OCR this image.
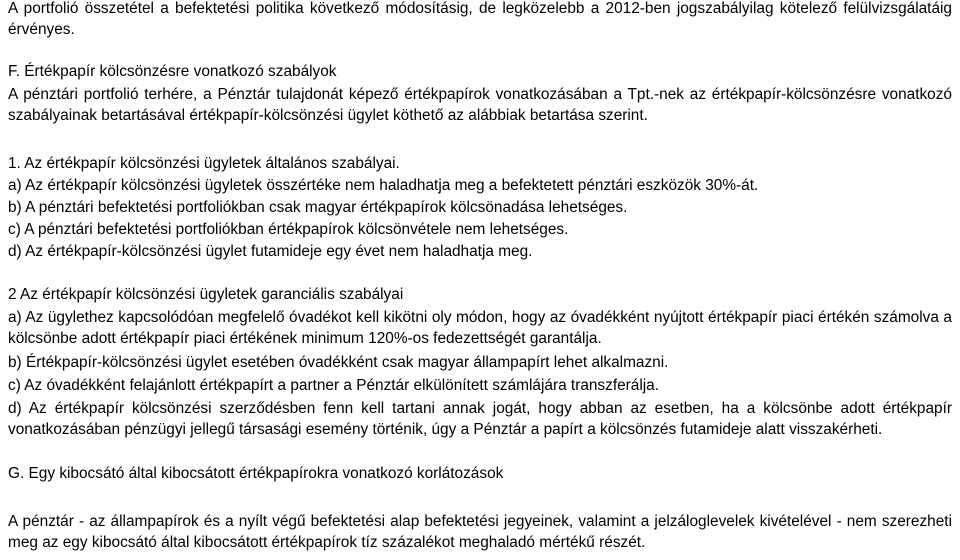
A portfolió összetétel a befektetési politika következő módosításig, de legközelebb a 2012-ben jogszabályilag kötelező felülvizsgálatáig érvényes.
F. Értékpapír kölcsönzésre vonatkozó szabályok
A pénztári portfolió terhére, a Pénztár tulajdonát képező értékpapírok vonatkozásában a Tpt.-nek az értékpapír-kölcsönzésre vonatkozó szabályainak betartásával értékpapír-kölcsönzési ügylet köthető az alábbiak betartása szerint.
1. Az értékpapír kölcsönzési ügyletek általános szabályai.
a) Az értékpapír kölcsönzési ügyletek összértéke nem haladhatja meg a befektetett pénztári eszközök 30%-át.
b) A pénztári befektetési portfoliókban csak magyar értékpapírok kölcsönadása lehetséges.
c) A pénztári befektetési portfoliókban értékpapírok kölcsönvétele nem lehetséges.
d) Az értékpapír-kölcsönzési ügylet futamideje egy évet nem haladhatja meg.
2 Az értékpapír kölcsönzési ügyletek garanciális szabályai
a) Az ügylethez kapcsolódóan megfelelő óvadékot kell kikötni oly módon, hogy az óvadékként nyújtott értékpapír piaci értékén számolva a kölcsönbe adott értékpapír piaci értékének minimum 120%-os fedezettségét garantálja.
b) Értékpapír-kölcsönzési ügylet esetében óvadékként csak magyar állampapírt lehet alkalmazni.
c) Az óvadékként felajánlott értékpapírt a partner a Pénztár elkülönített számlájára transzferálja.
d) Az értékpapír kölcsönzési szerződésben fenn kell tartani annak jogát, hogy abban az esetben, ha a kölcsönbe adott értékpapír vonatkozásában pénzügyi jellegű társasági esemény történik, úgy a Pénztár a papírt a kölcsönzés futamideje alatt visszakérheti.
G. Egy kibocsátó által kibocsátott értékpapírokra vonatkozó korlátozások
A pénztár - az állampapírok és a nyílt végű befektetési alap befektetési jegyeinek, valamint a jelzáloglevelek kivételével - nem szerezheti meg az egy kibocsátó által kibocsátott értékpapírok tíz százalékot meghaladó mértékű részét.
